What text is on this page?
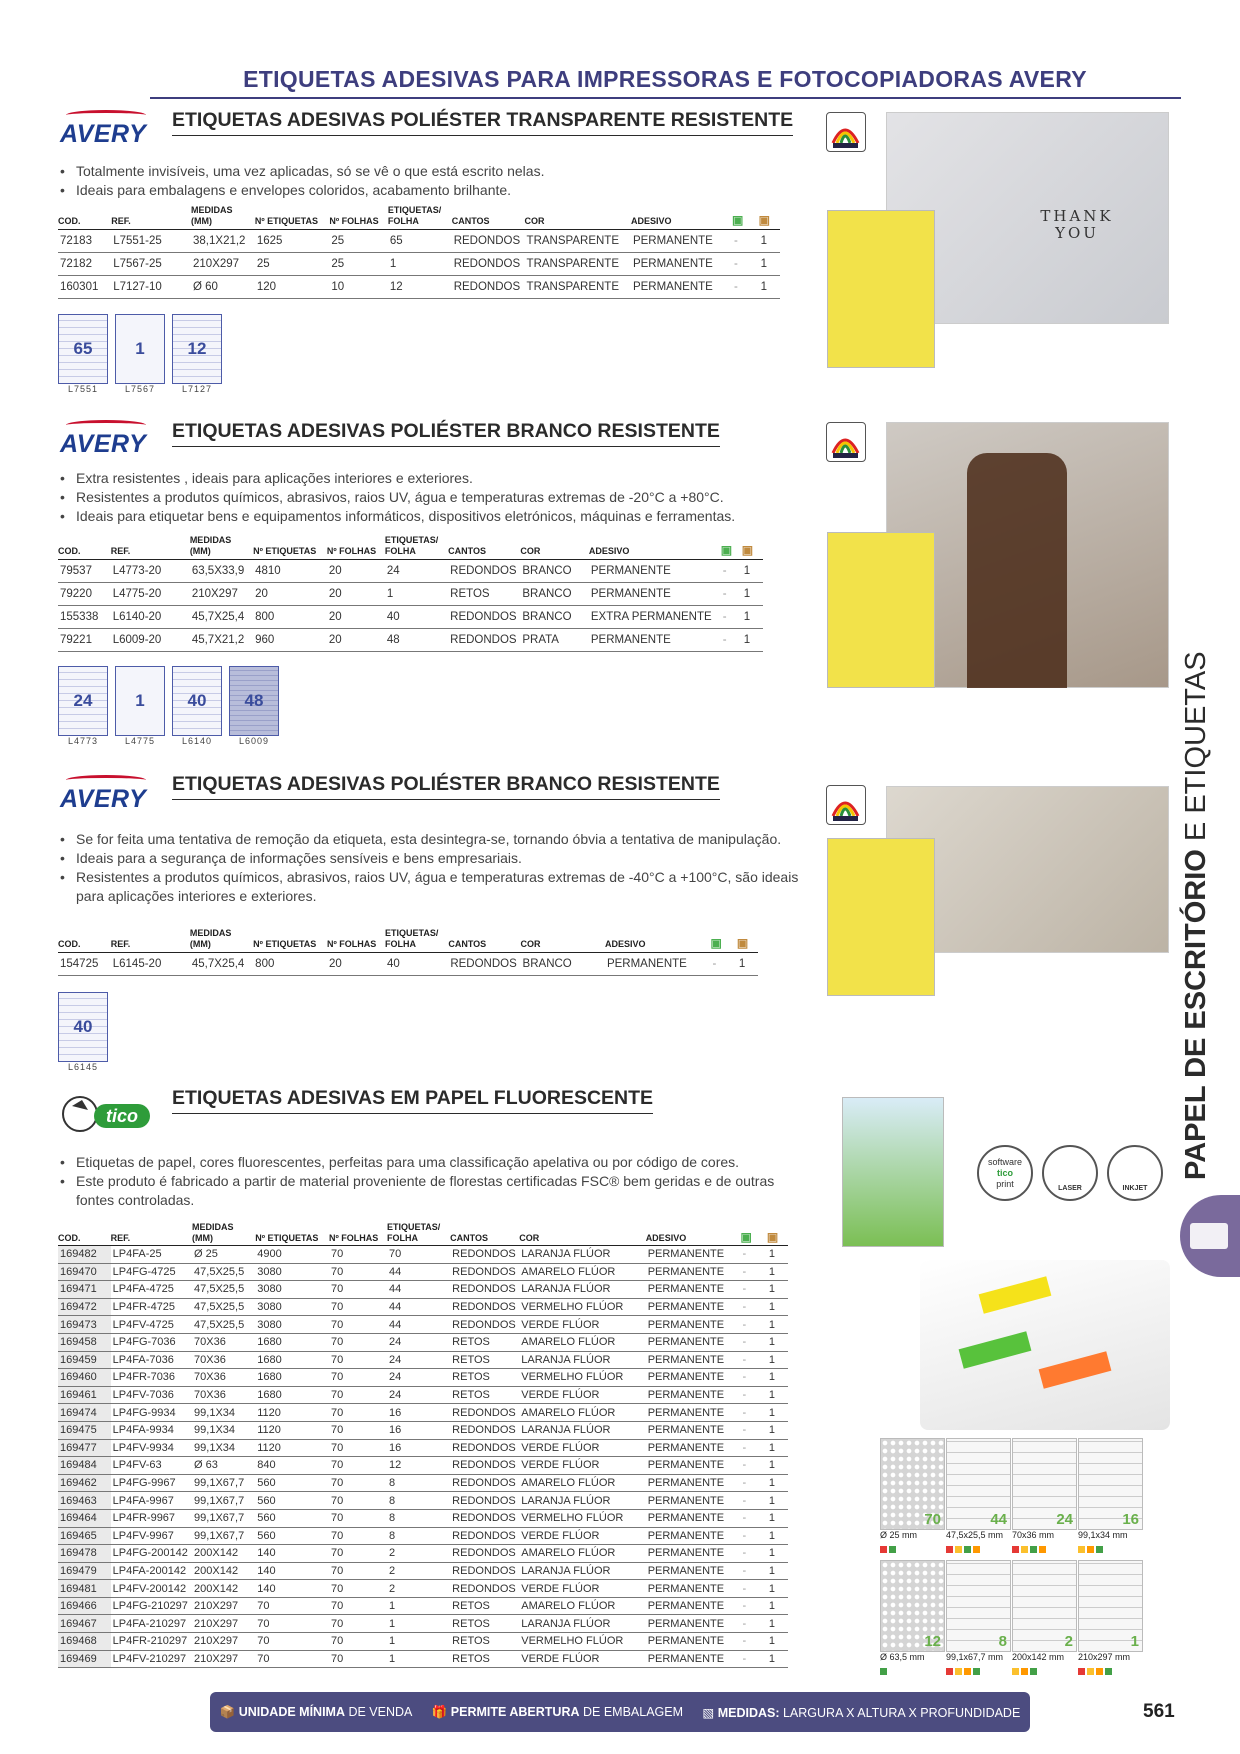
ETIQUETAS ADESIVAS PARA IMPRESSORAS E FOTOCOPIADORAS AVERY
AVERY ETIQUETAS ADESIVAS POLIÉSTER TRANSPARENTE RESISTENTE
• Totalmente invisíveis, uma vez aplicadas, só se vê o que está escrito nelas.
• Ideais para embalagens e envelopes coloridos, acabamento brilhante.
COD.	REF.	MEDIDAS (MM)	Nº ETIQUETAS	Nº FOLHAS	ETIQUETAS/ FOLHA	CANTOS	COR	ADESIVO	▣	▣
72183	L7551-25	38,1X21,2	1625	25	65	REDONDOS	TRANSPARENTE	PERMANENTE	-	1
72182	L7567-25	210X297	25	25	1	REDONDOS	TRANSPARENTE	PERMANENTE	-	1
160301	L7127-10	Ø 60	120	10	12	REDONDOS	TRANSPARENTE	PERMANENTE	-	1
65
L7551
1
L7567
12
L7127
THANK YOU
AVERY ETIQUETAS ADESIVAS POLIÉSTER BRANCO RESISTENTE
• Extra resistentes , ideais para aplicações interiores e exteriores.
• Resistentes a produtos químicos, abrasivos, raios UV, água e temperaturas extremas de -20°C a +80°C.
• Ideais para etiquetar bens e equipamentos informáticos, dispositivos eletrónicos, máquinas e ferramentas.
COD.	REF.	MEDIDAS (MM)	Nº ETIQUETAS	Nº FOLHAS	ETIQUETAS/ FOLHA	CANTOS	COR	ADESIVO	▣	▣
79537	L4773-20	63,5X33,9	4810	20	24	REDONDOS	BRANCO	PERMANENTE	-	1
79220	L4775-20	210X297	20	20	1	RETOS	BRANCO	PERMANENTE	-	1
155338	L6140-20	45,7X25,4	800	20	40	REDONDOS	BRANCO	EXTRA PERMANENTE	-	1
79221	L6009-20	45,7X21,2	960	20	48	REDONDOS	PRATA	PERMANENTE	-	1
24
L4773
1
L4775
40
L6140
48
L6009
AVERY
ETIQUETAS ADESIVAS POLIÉSTER BRANCO RESISTENTE
• Se for feita uma tentativa de remoção da etiqueta, esta desintegra-se, tornando óbvia a tentativa de manipulação.
• Ideais para a segurança de informações sensíveis e bens empresariais.
• Resistentes a produtos químicos, abrasivos, raios UV, água e temperaturas extremas de -40°C a +100°C, são ideais para aplicações interiores e exteriores.
COD.	REF.	MEDIDAS (MM)	Nº ETIQUETAS	Nº FOLHAS	ETIQUETAS/ FOLHA	CANTOS	COR	ADESIVO	▣	▣
154725	L6145-20	45,7X25,4	800	20	40	REDONDOS	BRANCO	PERMANENTE	-	1
40
L6145
tico
ETIQUETAS ADESIVAS EM PAPEL FLUORESCENTE
• Etiquetas de papel, cores fluorescentes, perfeitas para uma classificação apelativa ou por código de cores.
• Este produto é fabricado a partir de material proveniente de florestas certificadas FSC® bem geridas e de outras fontes controladas.
COD.	REF.	MEDIDAS (MM)	Nº ETIQUETAS	Nº FOLHAS	ETIQUETAS/ FOLHA	CANTOS	COR	ADESIVO	▣	▣
169482	LP4FA-25	Ø 25	4900	70	70	REDONDOS	LARANJA FLÚOR	PERMANENTE	-	1
169470	LP4FG-4725	47,5X25,5	3080	70	44	REDONDOS	AMARELO FLÚOR	PERMANENTE	-	1
169471	LP4FA-4725	47,5X25,5	3080	70	44	REDONDOS	LARANJA FLÚOR	PERMANENTE	-	1
169472	LP4FR-4725	47,5X25,5	3080	70	44	REDONDOS	VERMELHO FLÚOR	PERMANENTE	-	1
169473	LP4FV-4725	47,5X25,5	3080	70	44	REDONDOS	VERDE FLÚOR	PERMANENTE	-	1
169458	LP4FG-7036	70X36	1680	70	24	RETOS	AMARELO FLÚOR	PERMANENTE	-	1
169459	LP4FA-7036	70X36	1680	70	24	RETOS	LARANJA FLÚOR	PERMANENTE	-	1
169460	LP4FR-7036	70X36	1680	70	24	RETOS	VERMELHO FLÚOR	PERMANENTE	-	1
169461	LP4FV-7036	70X36	1680	70	24	RETOS	VERDE FLÚOR	PERMANENTE	-	1
169474	LP4FG-9934	99,1X34	1120	70	16	REDONDOS	AMARELO FLÚOR	PERMANENTE	-	1
169475	LP4FA-9934	99,1X34	1120	70	16	REDONDOS	LARANJA FLÚOR	PERMANENTE	-	1
169477	LP4FV-9934	99,1X34	1120	70	16	REDONDOS	VERDE FLÚOR	PERMANENTE	-	1
169484	LP4FV-63	Ø 63	840	70	12	REDONDOS	VERDE FLÚOR	PERMANENTE	-	1
169462	LP4FG-9967	99,1X67,7	560	70	8	REDONDOS	AMARELO FLÚOR	PERMANENTE	-	1
169463	LP4FA-9967	99,1X67,7	560	70	8	REDONDOS	LARANJA FLÚOR	PERMANENTE	-	1
169464	LP4FR-9967	99,1X67,7	560	70	8	REDONDOS	VERMELHO FLÚOR	PERMANENTE	-	1
169465	LP4FV-9967	99,1X67,7	560	70	8	REDONDOS	VERDE FLÚOR	PERMANENTE	-	1
169478	LP4FG-200142	200X142	140	70	2	REDONDOS	AMARELO FLÚOR	PERMANENTE	-	1
169479	LP4FA-200142	200X142	140	70	2	REDONDOS	LARANJA FLÚOR	PERMANENTE	-	1
169481	LP4FV-200142	200X142	140	70	2	REDONDOS	VERDE FLÚOR	PERMANENTE	-	1
169466	LP4FG-210297	210X297	70	70	1	RETOS	AMARELO FLÚOR	PERMANENTE	-	1
169467	LP4FA-210297	210X297	70	70	1	RETOS	LARANJA FLÚOR	PERMANENTE	-	1
169468	LP4FR-210297	210X297	70	70	1	RETOS	VERMELHO FLÚOR	PERMANENTE	-	1
169469	LP4FV-210297	210X297	70	70	1	RETOS	VERDE FLÚOR	PERMANENTE	-	1
software
tico
print	LASER	INKJET
70
Ø 25 mm
44
47,5x25,5 mm
24
70x36 mm
16
99,1x34 mm
12
Ø 63,5 mm
8
99,1x67,7 mm
2
200x142 mm
1
210x297 mm
PAPEL DE ESCRITÓRIO E ETIQUETAS
📦 UNIDADE MÍNIMA DE VENDA 🎁 PERMITE ABERTURA DE EMBALAGEM ▧ MEDIDAS: LARGURA X ALTURA X PROFUNDIDADE	561
